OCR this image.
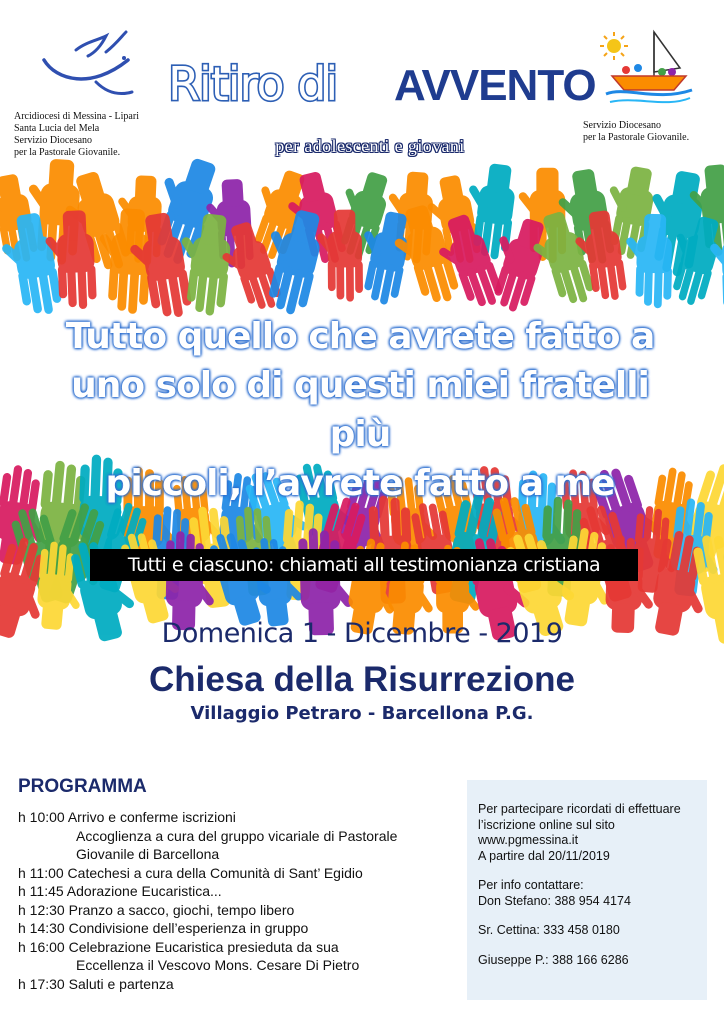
Arcidiocesi di Messina - Lipari
Santa Lucia del Mela
Servizio Diocesano
per la Pastorale Giovanile.
Ritiro di AVVENTO
per adolescenti e giovani
Servizio Diocesano
per la Pastorale Giovanile.
Tutto quello che avrete fatto a
uno solo di questi miei fratelli più
piccoli, l’avrete fatto a me
Tutti e ciascuno: chiamati all testimonianza cristiana
Domenica 1 - Dicembre - 2019
Chiesa della Risurrezione
Villaggio Petraro - Barcellona P.G.
PROGRAMMA
h 10:00 Arrivo e conferme iscrizioni
Accoglienza a cura del gruppo vicariale di Pastorale
Giovanile di Barcellona
h 11:00 Catechesi a cura della Comunità di Sant’ Egidio
h 11:45 Adorazione Eucaristica...
h 12:30 Pranzo a sacco, giochi, tempo libero
h 14:30 Condivisione dell’esperienza in gruppo
h 16:00 Celebrazione Eucaristica presieduta da sua
Eccellenza il Vescovo Mons. Cesare Di Pietro
h 17:30 Saluti e partenza
Per partecipare ricordati di effettuare
l’iscrizione online sul sito
www.pgmessina.it
A partire dal 20/11/2019
Per info contattare:
Don Stefano: 388 954 4174
Sr. Cettina: 333 458 0180
Giuseppe P.: 388 166 6286
